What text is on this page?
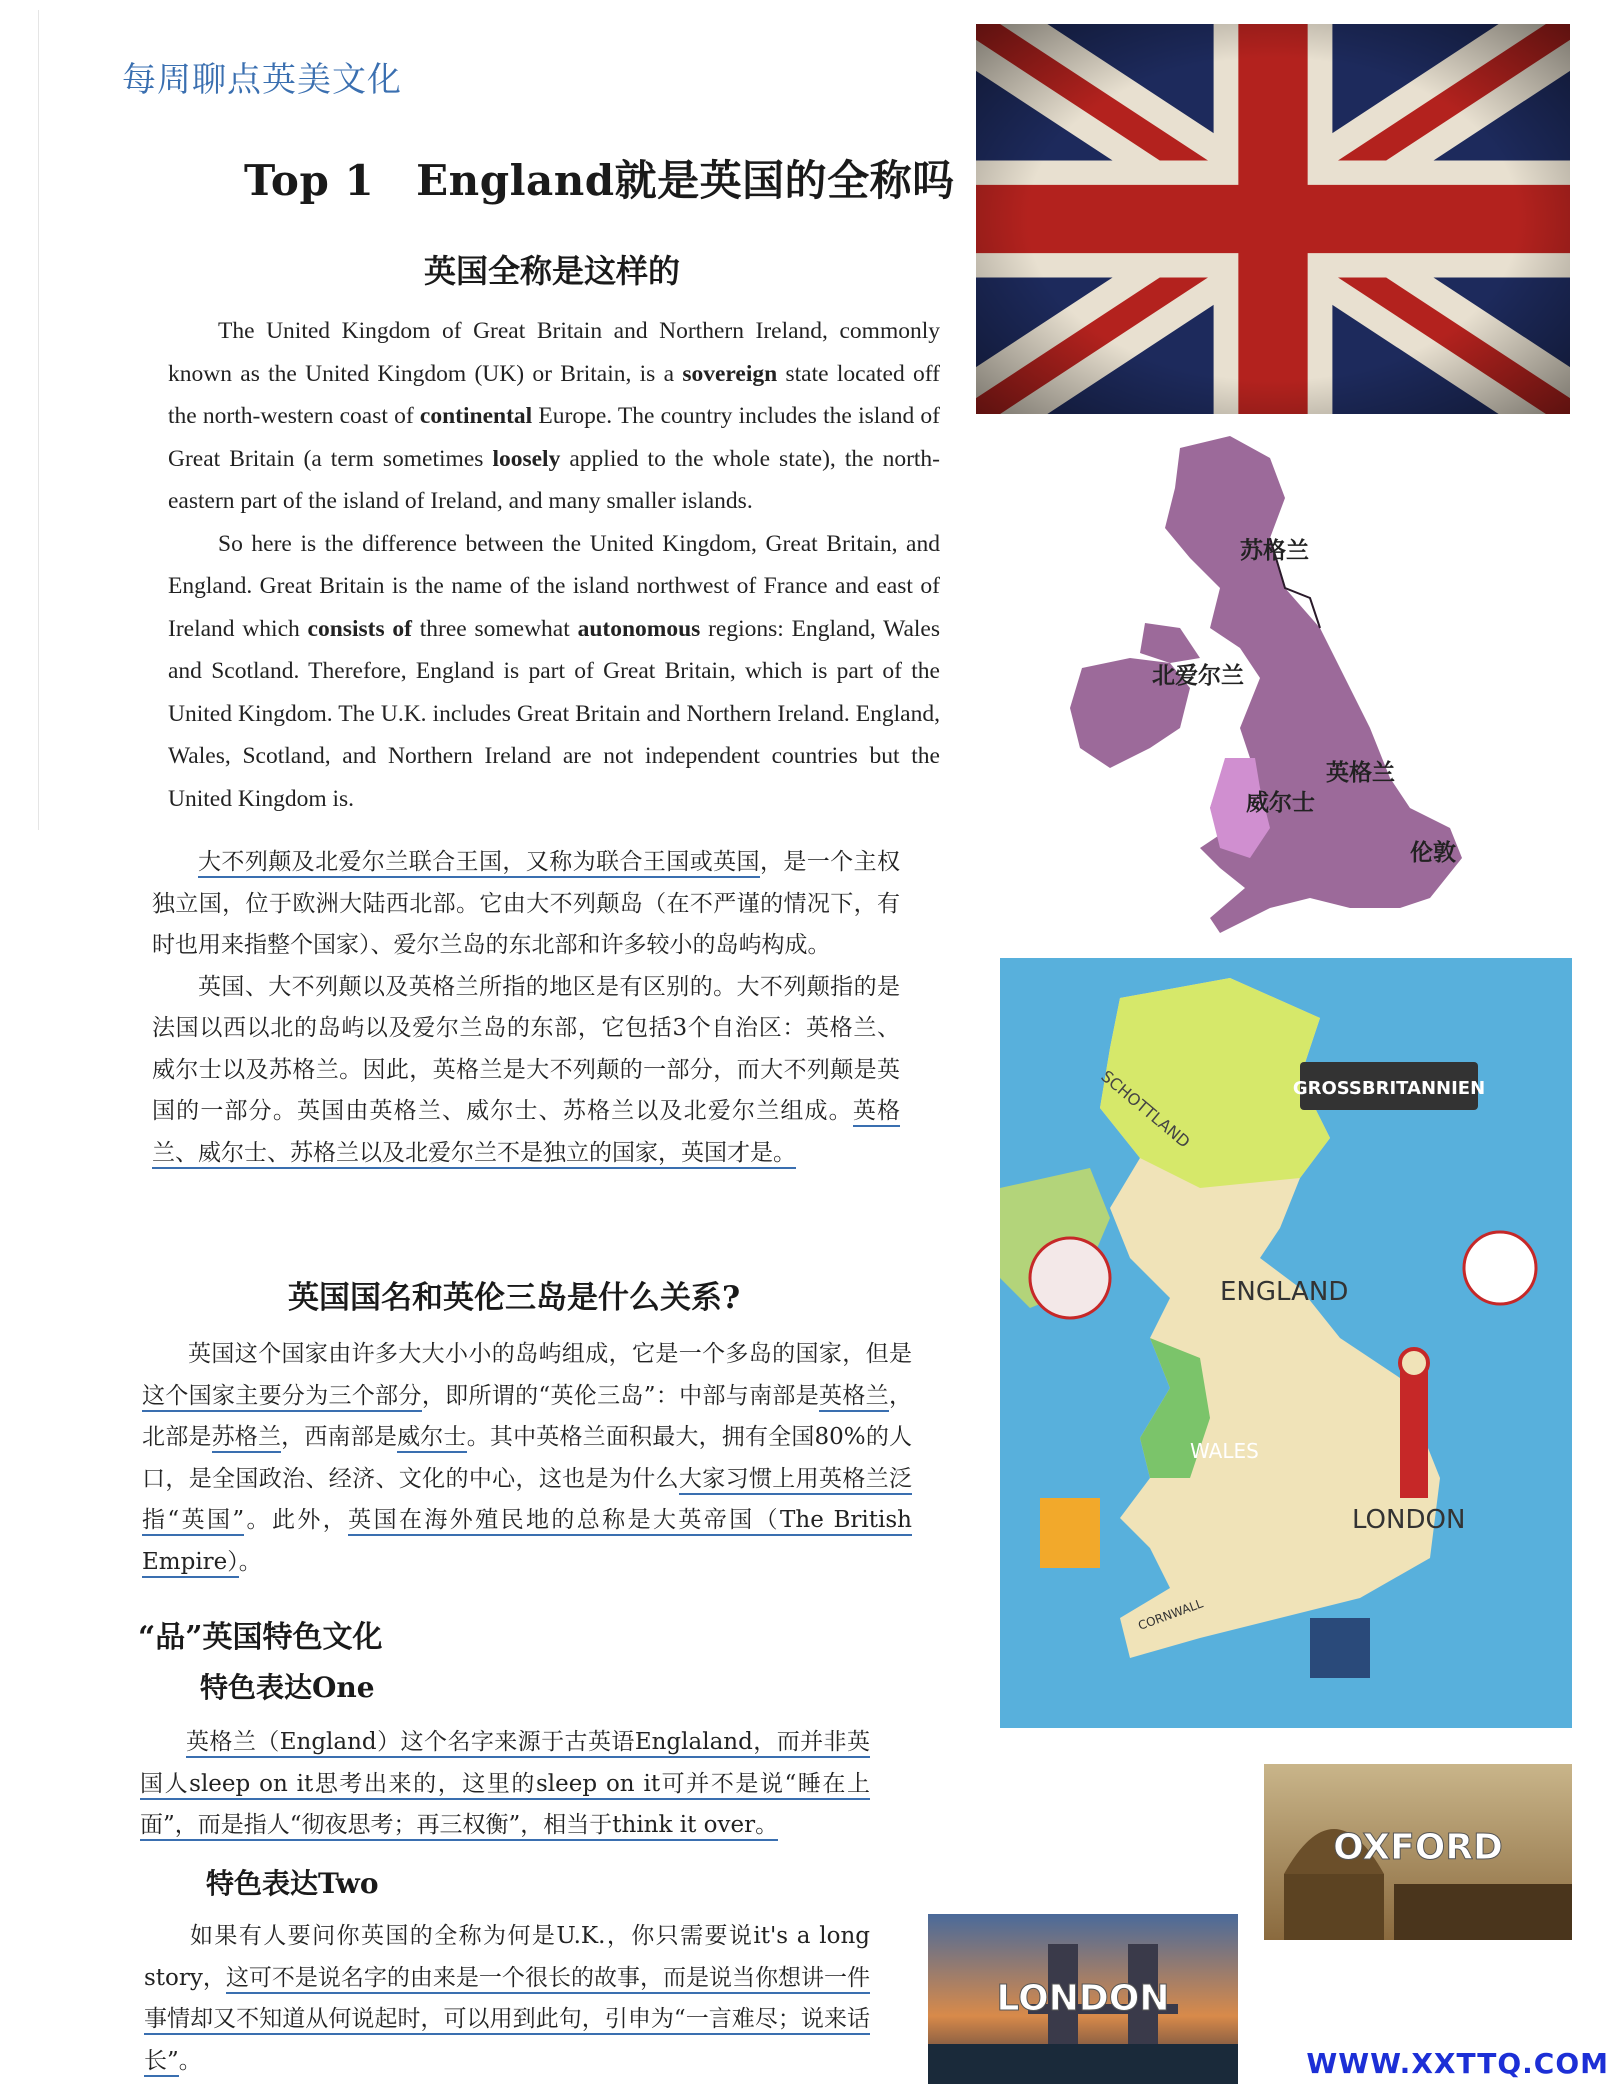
每周聊点英美文化
Top 1 England就是英国的全称吗
英国全称是这样的

The United Kingdom of Great Britain and Northern Ireland, commonly known as the United Kingdom (UK) or Britain, is a sovereign state located off the north-western coast of continental Europe. The country includes the island of Great Britain (a term sometimes loosely applied to the whole state), the north-eastern part of the island of Ireland, and many smaller islands.

So here is the difference between the United Kingdom, Great Britain, and England. Great Britain is the name of the island northwest of France and east of Ireland which consists of three somewhat autonomous regions: England, Wales and Scotland. Therefore, England is part of Great Britain, which is part of the United Kingdom. The U.K. includes Great Britain and Northern Ireland. England, Wales, Scotland, and Northern Ireland are not independent countries but the United Kingdom is.

大不列颠及北爱尔兰联合王国，又称为联合王国或英国，是一个主权独立国，位于欧洲大陆西北部。它由大不列颠岛（在不严谨的情况下，有时也用来指整个国家）、爱尔兰岛的东北部和许多较小的岛屿构成。

英国、大不列颠以及英格兰所指的地区是有区别的。大不列颠指的是法国以西以北的岛屿以及爱尔兰岛的东部，它包括3个自治区：英格兰、威尔士以及苏格兰。因此，英格兰是大不列颠的一部分，而大不列颠是英国的一部分。英国由英格兰、威尔士、苏格兰以及北爱尔兰组成。英格兰、威尔士、苏格兰以及北爱尔兰不是独立的国家，英国才是。

英国国名和英伦三岛是什么关系?

英国这个国家由许多大大小小的岛屿组成，它是一个多岛的国家，但是这个国家主要分为三个部分，即所谓的“英伦三岛”：中部与南部是英格兰，北部是苏格兰，西南部是威尔士。其中英格兰面积最大，拥有全国80%的人口，是全国政治、经济、文化的中心，这也是为什么大家习惯上用英格兰泛指“英国”。此外，英国在海外殖民地的总称是大英帝国（The British Empire）。

“品”英国特色文化
特色表达One

英格兰（England）这个名字来源于古英语Englaland，而并非英国人sleep on it思考出来的，这里的sleep on it可并不是说“睡在上面”，而是指人“彻夜思考；再三权衡”，相当于think it over。

特色表达Two

如果有人要问你英国的全称为何是U.K.，你只需要说it's a long story，这可不是说名字的由来是一个很长的故事，而是说当你想讲一件事情却又不知道从何说起时，可以用到此句，引申为“一言难尽；说来话长”。

苏格兰
北爱尔兰
英格兰
威尔士
伦敦
GROSSBRITANNIEN
ENGLAND
SCHOTTLAND
WALES
LONDON
CORNWALL
OXFORD
LONDON
WWW.XXTTQ.COM
